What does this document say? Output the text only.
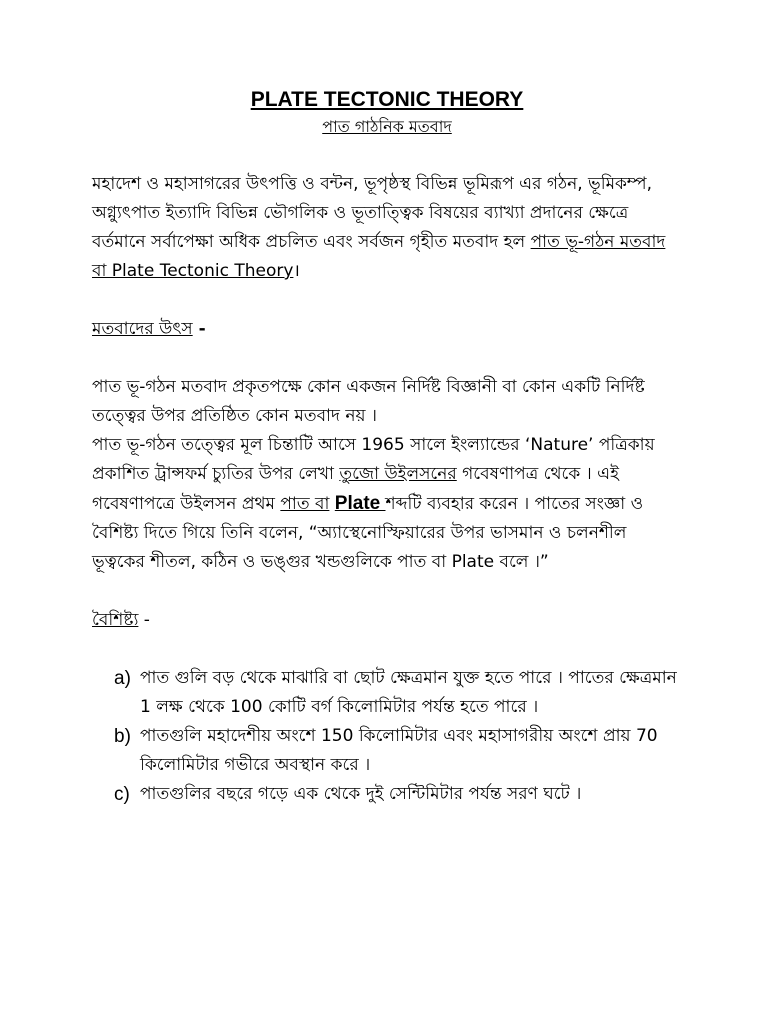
PLATE TECTONIC THEORY
পাত গাঠনিক মতবাদ

মহাদেশ ও মহাসাগরের উৎপত্তি ও বন্টন, ভূপৃষ্ঠস্থ বিভিন্ন ভূমিরূপ এর গঠন, ভূমিকম্প, অগ্ন্যুৎপাত ইত্যাদি বিভিন্ন ভৌগলিক ও ভূতাত্ত্বিক বিষয়ের ব্যাখ্যা প্রদানের ক্ষেত্রে বর্তমানে সর্বাপেক্ষা অধিক প্রচলিত এবং সর্বজন গৃহীত মতবাদ হল পাত ভূ-গঠন মতবাদ বা Plate Tectonic Theory।

মতবাদের উৎস -

পাত ভূ-গঠন মতবাদ প্রকৃতপক্ষে কোন একজন নির্দিষ্ট বিজ্ঞানী বা কোন একটি নির্দিষ্ট তত্ত্বের উপর প্রতিষ্ঠিত কোন মতবাদ নয় ।

পাত ভূ-গঠন তত্ত্বের মূল চিন্তাটি আসে 1965 সালে ইংল্যান্ডের ‘Nature’ পত্রিকায় প্রকাশিত ট্রান্সফর্ম চ্যুতির উপর লেখা তুজো উইলসনের গবেষণাপত্র থেকে । এই গবেষণাপত্রে উইলসন প্রথম পাত বা Plate শব্দটি ব্যবহার করেন । পাতের সংজ্ঞা ও বৈশিষ্ট্য দিতে গিয়ে তিনি বলেন, “অ্যাস্থেনোস্ফিয়ারের উপর ভাসমান ও চলনশীল ভূত্বকের শীতল, কঠিন ও ভঙ্গুর খন্ডগুলিকে পাত বা Plate বলে ।”

বৈশিষ্ট্য -

a) পাত গুলি বড় থেকে মাঝারি বা ছোট ক্ষেত্রমান যুক্ত হতে পারে । পাতের ক্ষেত্রমান 1 লক্ষ থেকে 100 কোটি বর্গ কিলোমিটার পর্যন্ত হতে পারে ।
b) পাতগুলি মহাদেশীয় অংশে 150 কিলোমিটার এবং মহাসাগরীয় অংশে প্রায় 70 কিলোমিটার গভীরে অবস্থান করে ।
c) পাতগুলির বছরে গড়ে এক থেকে দুই সেন্টিমিটার পর্যন্ত সরণ ঘটে ।
